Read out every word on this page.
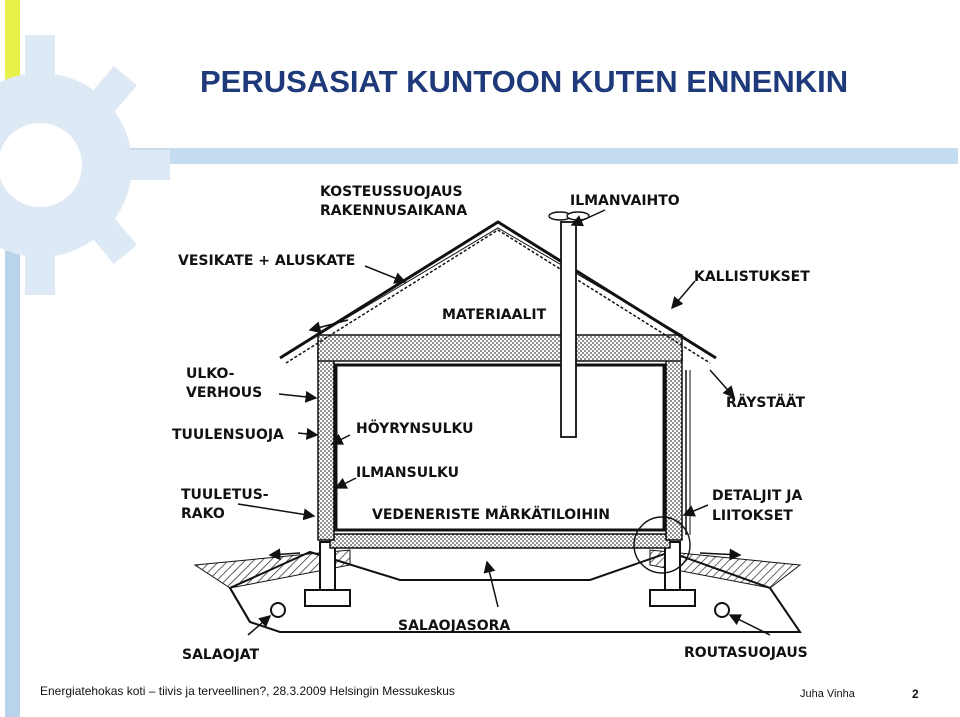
PERUSASIAT KUNTOON KUTEN ENNENKIN
KOSTEUSSUOJAUS
RAKENNUSAIKANA
ILMANVAIHTO
VESIKATE + ALUSKATE
KALLISTUKSET
MATERIAALIT
ULKO-
VERHOUS
RÄYSTÄÄT
TUULENSUOJA	HÖYRYNSULKU
ILMANSULKU
TUULETUS-
RAKO
DETALJIT JA
LIITOKSET
VEDENERISTE MÄRKÄTILOIHIN
SALAOJASORA
SALAOJAT	ROUTASUOJAUS
Energiatehokas koti – tiivis ja terveellinen?, 28.3.2009 Helsingin Messukeskus	Juha Vinha	2
